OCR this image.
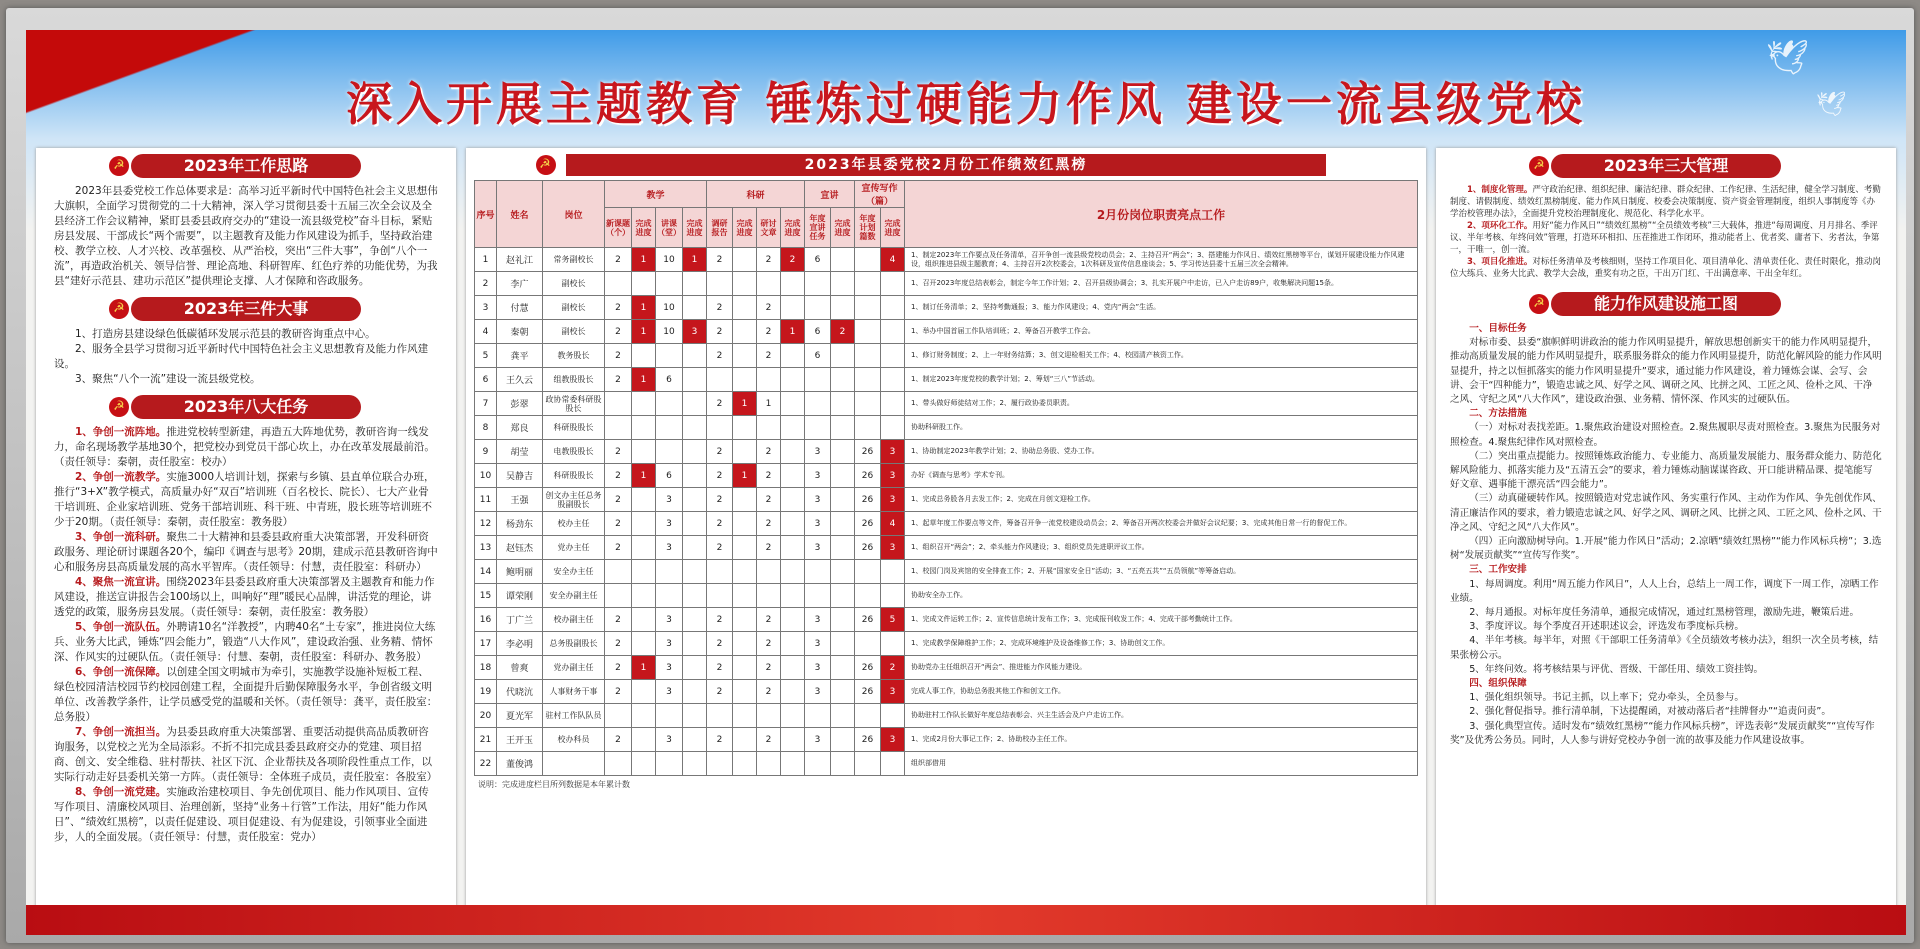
🕊
🕊
深入开展主题教育 锤炼过硬能力作风 建设一流县级党校
☭	2023年工作思路
2023年县委党校工作总体要求是：高举习近平新时代中国特色社会主义思想伟大旗帜，全面学习贯彻党的二十大精神，深入学习贯彻县委十五届三次全会议及全县经济工作会议精神，紧盯县委县政府交办的“建设一流县级党校”奋斗目标，紧贴房县发展、干部成长“两个需要”，以主题教育及能力作风建设为抓手，坚持政治建校、教学立校、人才兴校、改革强校、从严治校，突出“三件大事”，争创“八个一流”，再造政治机关、领导信誉、理论高地、科研智库、红色疗养的功能优势，为我县“建好示范县、建功示范区”提供理论支撑、人才保障和咨政服务。
☭	2023年三件大事
1、打造房县建设绿色低碳循环发展示范县的教研咨询重点中心。
2、服务全县学习贯彻习近平新时代中国特色社会主义思想教育及能力作风建设。
3、聚焦“八个一流”建设一流县级党校。
☭	2023年八大任务
1、争创一流阵地。推进党校转型新建，再造五大阵地优势，教研咨询一线发力，命名现场教学基地30个，把党校办到党员干部心坎上，办在改革发展最前沿。（责任领导：秦朝，责任股室：校办）
2、争创一流教学。实施3000人培训计划，探索与乡镇、县直单位联合办班，推行“3+X”教学模式，高质量办好“双百”培训班（百名校长、院长）、七大产业骨干培训班、企业家培训班、党务干部培训班、科干班、中青班，股长班等培训班不少于20期。（责任领导：秦朝，责任股室：教务股）
3、争创一流科研。聚焦二十大精神和县委县政府重大决策部署，开发科研资政服务、理论研讨课题各20个，编印《调查与思考》20期，建成示范县教研咨询中心和服务房县高质量发展的高水平智库。（责任领导：付慧，责任股室：科研办）
4、聚焦一流宣讲。围绕2023年县委县政府重大决策部署及主题教育和能力作风建设，推送宣讲报告会100场以上，叫响好“理”暖民心品牌，讲活党的理论，讲透党的政策，服务房县发展。（责任领导：秦朝，责任股室：教务股）
5、争创一流队伍。外聘请10名“洋教授”，内聘40名“土专家”，推进岗位大练兵、业务大比武，锤炼“四会能力”，锻造“八大作风”，建设政治强、业务精、情怀深、作风实的过硬队伍。（责任领导：付慧、秦朝，责任股室：科研办、教务股）
6、争创一流保障。以创建全国文明城市为牵引，实施教学设施补短板工程、绿色校园清洁校园节约校园创建工程，全面提升后勤保障服务水平，争创省级文明单位、改善教学条件，让学员感受党的温暖和关怀。（责任领导：龚平，责任股室：总务股）
7、争创一流担当。为县委县政府重大决策部署、重要活动提供高品质教研咨询服务，以党校之光为全局添彩。不折不扣完成县委县政府交办的党建、项目招商、创文、安全维稳、驻村帮扶、社区下沉、企业帮扶及各项阶段性重点工作，以实际行动走好县委机关第一方阵。（责任领导：全体班子成员，责任股室：各股室）
8、争创一流党建。实施政治建校项目、争先创优项目、能力作风项目、宣传写作项目、清廉校风项目、治理创新，坚持“业务＋行管”工作法，用好“能力作风日”、“绩效红黑榜”，以责任促建设、项目促建设、有为促建设，引领事业全面进步，人的全面发展。（责任领导：付慧，责任股室：党办）
☭	2023年县委党校2月份工作绩效红黑榜
序号	姓名	岗位	教学				科研				宣讲		宣传写作（篇）		2月份岗位职责亮点工作
			新课题（个）	完成进度	讲课（堂）	完成进度	调研报告	完成进度	研讨文章	完成进度	年度宣讲任务	完成进度	年度计划篇数	完成进度	
1	赵礼江	常务副校长	2	1	10	1	2		2	2	6			4	1、制定2023年工作要点及任务清单，召开争创一流县级党校动员会；2、主持召开“两会”；3、搭建能力作风日、绩效红黑榜等平台，谋划开展建设能力作风建设，组织推进县级主题教育；4、主持召开2次校委会，1次科研及宣传信息座谈会；5、学习传达县委十五届三次全会精神。
2	李广	副校长													1、召开2023年度总结表彰会，制定今年工作计划；2、召开县级协调会；3、扎实开展户中走访，已入户走访89户，收集解决问题15条。
3	付慧	副校长	2	1	10		2		2						1、制订任务清单；2、坚持考勤通报；3、能力作风建设；4、党内“两会”生活。
4	秦朝	副校长	2	1	10	3	2		2	1	6	2			1、举办中国首届工作队培训班；2、筹备召开教学工作会。
5	龚平	教务股长	2				2		2		6				1、修订财务制度；2、上一年财务结算；3、创文迎检相关工作；4、校园清产核资工作。
6	王久云	组教股股长	2	1	6										1、制定2023年度党校的教学计划；2、筹划“三八”节活动。
7	彭翠	政协常委科研股股长					2	1	1						1、带头做好师徒结对工作；2、履行政协委员职责。
8	郑良	科研股股长													协助科研股工作。
9	胡莹	电教股股长	2				2		2		3		26	3	1、协助制定2023年教学计划；2、协助总务股、党办工作。
10	吴静吉	科研股股长	2	1	6		2	1	2		3		26	3	办好《调查与思考》学术专刊。
11	王强	创文办主任总务股副股长	2		3		2		2		3		26	3	1、完成总务股各月去发工作；2、完成在月创文迎检工作。
12	杨劲东	校办主任	2		3		2		2		3		26	4	1、起草年度工作要点等文件，筹备召开争一流党校建设动员会；2、筹备召开两次校委会并做好会议纪要；3、完成其他日常一行的督促工作。
13	赵钰杰	党办主任	2		3		2		2		3		26	3	1、组织召开“两会”；2、牵头能力作风建设；3、组织党员先进职评议工作。
14	鲍明丽	安全办主任													1、校园门岗及宾馆的安全排查工作；2、开展“国家安全日”活动；3、“五亮五共”“五员领航”等筹备启动。
15	谭荣刚	安全办副主任													协助安全办工作。
16	丁广兰	校办副主任	2		3		2		2		3		26	5	1、完成文件运转工作；2、宣传信息统计发布工作；3、完成报刊收发工作；4、完成干部考勤统计工作。
17	李必明	总务股副股长	2		3		2		2		3				1、完成教学保障维护工作；2、完成环境维护及设备维修工作；3、协助创文工作。
18	曾爽	党办副主任	2	1	3		2		2		3		26	2	协助党办主任组织召开“两会”、推进能力作风能力建设。
19	代晓沆	人事财务干事	2		3		2		2		3		26	3	完成人事工作，协助总务股其他工作和创文工作。
20	夏光军	驻村工作队队员													协助驻村工作队长做好年度总结表彰会、兴主生活会及户户走访工作。
21	王开玉	校办科员	2		3		2		2		3		26	3	1、完成2月份大事记工作；2、协助校办主任工作。
22	董俊鸿														组织部借用
说明：完成进度栏目所列数据是本年累计数
☭	2023年三大管理
1、制度化管理。严守政治纪律、组织纪律、廉洁纪律、群众纪律、工作纪律、生活纪律，健全学习制度、考勤制度、请假制度、绩效红黑榜制度、能力作风日制度、校委会决策制度、资产资金管理制度，组织人事制度等《办学治校管理办法》，全面提升党校治理制度化、规范化、科学化水平。
2、项环化工作。用好“能力作风日”“绩效红黑榜”“全员绩效考核”三大载体，推进“每周调度、月月排名、季评议、半年考核、年终问效”管理，打造环环相扣、压茬推进工作闭环，推动能者上、优者奖、庸者下、劣者汰，争第一，干唯一，创一流。
3、项目化推进。对标任务清单及考核细则，坚持工作项目化、项目清单化、清单责任化、责任时限化，推动岗位大练兵、业务大比武、教学大会战，重奖有功之臣，干出万门红、干出满意率、干出全年红。
☭	能力作风建设施工图
一、目标任务
对标市委、县委“旗帜鲜明讲政治的能力作风明显提升，解放思想创新实干的能力作风明显提升，推动高质量发展的能力作风明显提升，联系服务群众的能力作风明显提升，防范化解风险的能力作风明显提升，持之以恒抓落实的能力作风明显提升”要求，通过能力作风建设，着力锤炼会谋、会写、会讲、会干“四种能力”，锻造忠诚之风、好学之风、调研之风、比拼之风、工匠之风、俭朴之风、干净之风、守纪之风“八大作风”，建设政治强、业务精、情怀深、作风实的过硬队伍。
二、方法措施
（一）对标对表找差距。1.聚焦政治建设对照检查。2.聚焦履职尽责对照检查。3.聚焦为民服务对照检查。4.聚焦纪律作风对照检查。
（二）突出重点提能力。按照锤炼政治能力、专业能力、高质量发展能力、服务群众能力、防范化解风险能力、抓落实能力及“五清五会”的要求，着力锤炼动脑谋谋咨政、开口能讲精品课、提笔能写好文章、遇事能干漂亮活“四会能力”。
（三）动真碰硬转作风。按照锻造对党忠诚作风、务实重行作风、主动作为作风、争先创优作风、清正廉洁作风的要求，着力锻造忠诚之风、好学之风、调研之风、比拼之风、工匠之风、俭朴之风、干净之风、守纪之风“八大作风”。
（四）正向激励树导向。1.开展“能力作风日”活动；2.凉晒“绩效红黑榜”“能力作风标兵榜”；3.选树“发展贡献奖”“宣传写作奖”。
三、工作安排
1、每周调度。利用“周五能力作风日”，人人上台，总结上一周工作，调度下一周工作，凉晒工作业绩。
2、每月通报。对标年度任务清单，通报完成情况，通过红黑榜管理，激励先进，鞭策后进。
3、季度评议。每个季度召开述职述议会，评选发布季度标兵榜。
4、半年考核。每半年，对照《干部职工任务清单》《全员绩效考核办法》，组织一次全员考核，结果张榜公示。
5、年终问效。将考核结果与评优、晋级、干部任用、绩效工资挂钩。
四、组织保障
1、强化组织领导。书记主抓，以上率下；党办牵头，全员参与。
2、强化督促指导。推行清单制，下达提醒函，对被动落后者“挂牌督办”“追责问责”。
3、强化典型宣传。适时发布“绩效红黑榜”“能力作风标兵榜”，评选表彰“发展贡献奖”“宣传写作奖”及优秀公务员。同时，人人参与讲好党校办争创一流的故事及能力作风建设故事。
